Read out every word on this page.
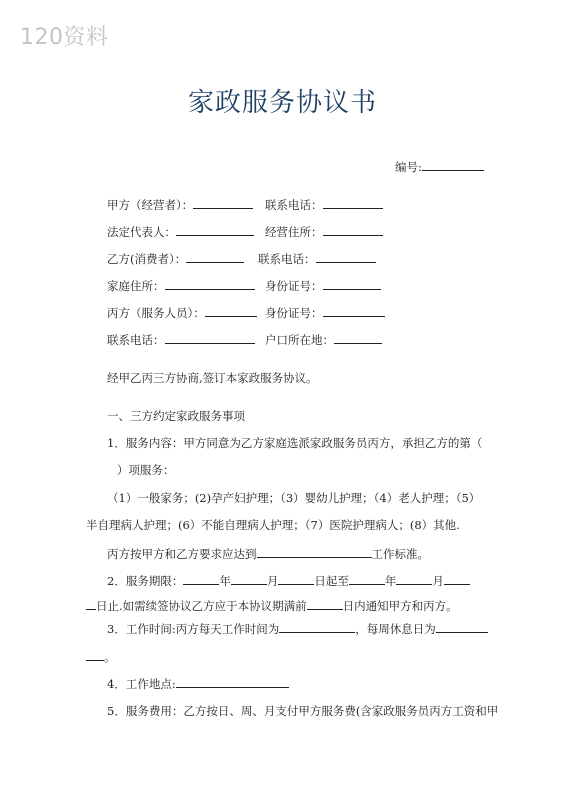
120资料
家政服务协议书
编号:
甲方（经营者）：	联系电话：
法定代表人：	经营住所：
乙方(消费者）：	联系电话：
家庭住所：	身份证号：
丙方（服务人员）：	身份证号：
联系电话：	户口所在地：
经甲乙丙三方协商,签订本家政服务协议。
一、三方约定家政服务事项
1．服务内容：甲方同意为乙方家庭选派家政服务员丙方，承担乙方的第（
）项服务：
（1）一般家务；(2)孕产妇护理；（3）婴幼儿护理；（4）老人护理；（5）
半自理病人护理；(6）不能自理病人护理；（7）医院护理病人；(8）其他.
丙方按甲方和乙方要求应达到	工作标准。
2．服务期限：	年	月	日起至	年	月
日止.如需续签协议乙方应于本协议期满前	日内通知甲方和丙方。
3．工作时间:丙方每天工作时间为	，每周休息日为
。
4．工作地点:
5．服务费用：乙方按日、周、月支付甲方服务费(含家政服务员丙方工资和甲
